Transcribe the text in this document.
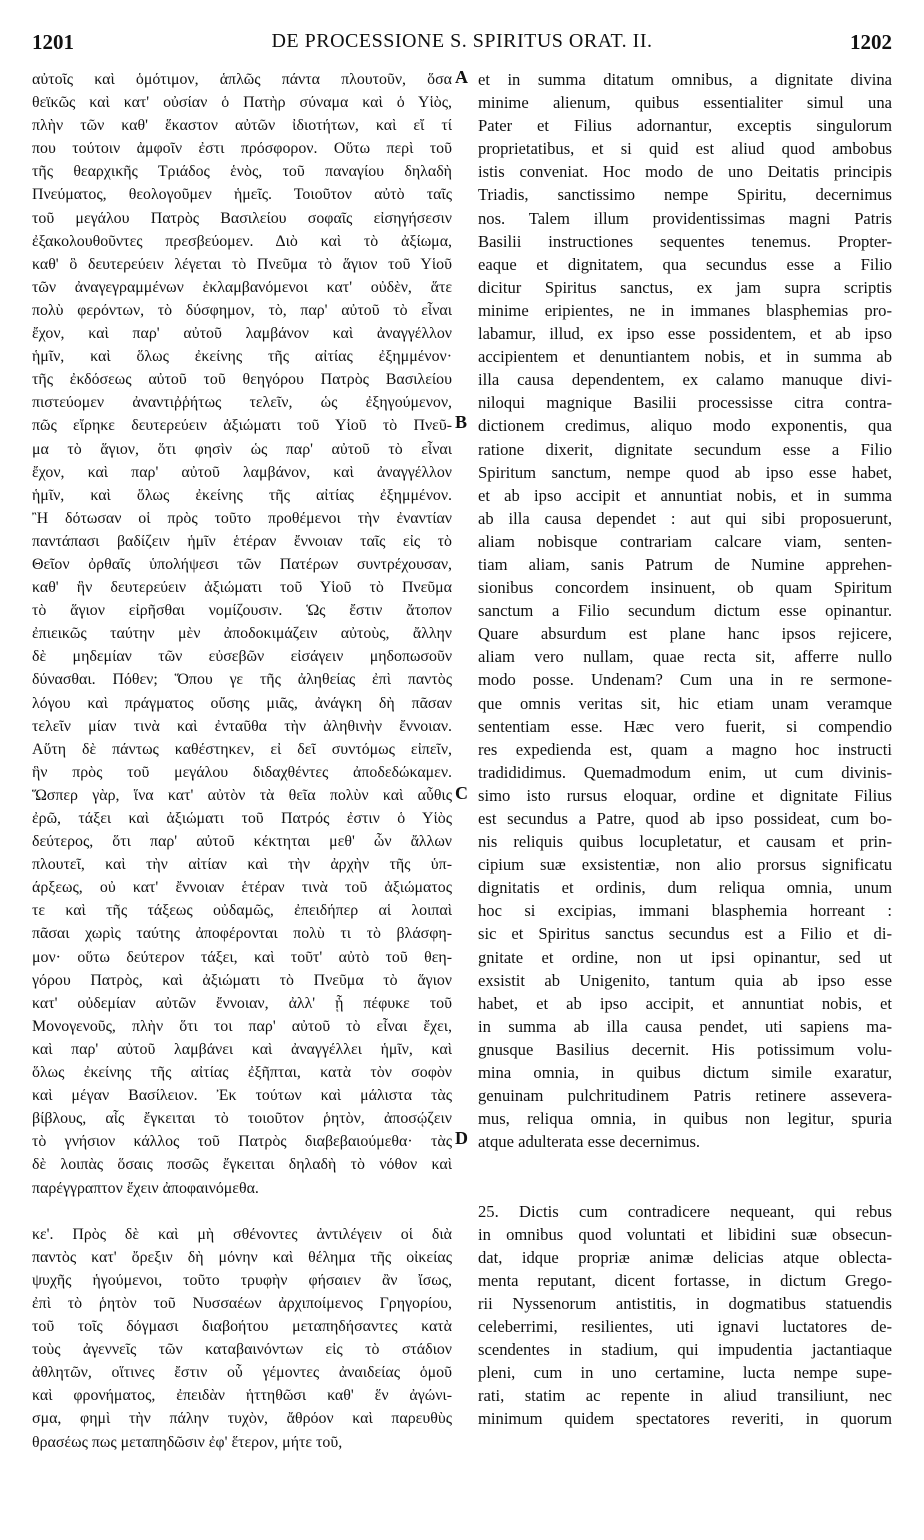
1201	DE PROCESSIONE S. SPIRITUS ORAT. II.	1202
αὐτοῖς καὶ ὁμότιμον, ἁπλῶς πάντα πλουτοῦν, ὅσα
θεϊκῶς καὶ κατ' οὐσίαν ὁ Πατὴρ σύναμα καὶ ὁ Υἱὸς,
πλὴν τῶν καθ' ἕκαστον αὐτῶν ἰδιοτήτων, καὶ εἴ τί
που τούτοιν ἀμφοῖν ἐστι πρόσφορον. Οὕτω περὶ τοῦ
τῆς θεαρχικῆς Τριάδος ἑνὸς, τοῦ παναγίου δηλαδὴ
Πνεύματος, θεολογοῦμεν ἡμεῖς. Τοιοῦτον αὐτὸ ταῖς
τοῦ μεγάλου Πατρὸς Βασιλείου σοφαῖς εἰσηγήσεσιν
ἐξακολουθοῦντες πρεσβεύομεν. Διὸ καὶ τὸ ἀξίωμα,
καθ' ὃ δευτερεύειν λέγεται τὸ Πνεῦμα τὸ ἅγιον τοῦ Υἱοῦ
τῶν ἀναγεγραμμένων ἐκλαμβανόμενοι κατ' οὐδὲν, ἅτε
πολὺ φερόντων, τὸ δύσφημον, τὸ, παρ' αὐτοῦ τὸ εἶναι
ἔχον, καὶ παρ' αὐτοῦ λαμβάνον καὶ ἀναγγέλλον
ἡμῖν, καὶ ὅλως ἐκείνης τῆς αἰτίας ἐξημμένον·
τῆς ἐκδόσεως αὐτοῦ τοῦ θεηγόρου Πατρὸς Βασιλείου
πιστεύομεν ἀναντιῤῥήτως τελεῖν, ὡς ἐξηγούμενον,
πῶς εἴρηκε δευτερεύειν ἀξιώματι τοῦ Υἱοῦ τὸ Πνεῦ-
μα τὸ ἅγιον, ὅτι φησὶν ὡς παρ' αὐτοῦ τὸ εἶναι
ἔχον, καὶ παρ' αὐτοῦ λαμβάνον, καὶ ἀναγγέλλον
ἡμῖν, καὶ ὅλως ἐκείνης τῆς αἰτίας ἐξημμένον.
Ἢ δότωσαν οἱ πρὸς τοῦτο προθέμενοι τὴν ἐναντίαν
παντάπασι βαδίζειν ἡμῖν ἑτέραν ἔννοιαν ταῖς εἰς τὸ
Θεῖον ὀρθαῖς ὑπολήψεσι τῶν Πατέρων συντρέχουσαν,
καθ' ἣν δευτερεύειν ἀξιώματι τοῦ Υἱοῦ τὸ Πνεῦμα
τὸ ἅγιον εἰρῆσθαι νομίζουσιν. Ὡς ἔστιν ἄτοπον
ἐπιεικῶς ταύτην μὲν ἀποδοκιμάζειν αὐτοὺς, ἄλλην
δὲ μηδεμίαν τῶν εὐσεβῶν εἰσάγειν μηδοπωσοῦν
δύνασθαι. Πόθεν; Ὅπου γε τῆς ἀληθείας ἐπὶ παντὸς
λόγου καὶ πράγματος οὔσης μιᾶς, ἀνάγκη δὴ πᾶσαν
τελεῖν μίαν τινὰ καὶ ἐνταῦθα τὴν ἀληθινὴν ἔννοιαν.
Αὕτη δὲ πάντως καθέστηκεν, εἰ δεῖ συντόμως εἰπεῖν,
ἣν πρὸς τοῦ μεγάλου διδαχθέντες ἀποδεδώκαμεν.
Ὥσπερ γὰρ, ἵνα κατ' αὐτὸν τὰ θεῖα πολὺν καὶ αὖθις
ἐρῶ, τάξει καὶ ἀξιώματι τοῦ Πατρός ἐστιν ὁ Υἱὸς
δεύτερος, ὅτι παρ' αὐτοῦ κέκτηται μεθ' ὧν ἄλλων
πλουτεῖ, καὶ τὴν αἰτίαν καὶ τὴν ἀρχὴν τῆς ὑπ-
άρξεως, οὐ κατ' ἔννοιαν ἑτέραν τινὰ τοῦ ἀξιώματος
τε καὶ τῆς τάξεως οὐδαμῶς, ἐπειδήπερ αἱ λοιπαὶ
πᾶσαι χωρὶς ταύτης ἀποφέρονται πολὺ τι τὸ βλάσφη-
μον· οὕτω δεύτερον τάξει, καὶ τοῦτ' αὐτὸ τοῦ θεη-
γόρου Πατρὸς, καὶ ἀξιώματι τὸ Πνεῦμα τὸ ἅγιον
κατ' οὐδεμίαν αὐτῶν ἔννοιαν, ἀλλ' ᾗ πέφυκε τοῦ
Μονογενοῦς, πλὴν ὅτι τοι παρ' αὐτοῦ τὸ εἶναι ἔχει,
καὶ παρ' αὐτοῦ λαμβάνει καὶ ἀναγγέλλει ἡμῖν, καὶ
ὅλως ἐκείνης τῆς αἰτίας ἐξῆπται, κατὰ τὸν σοφὸν
καὶ μέγαν Βασίλειον. Ἐκ τούτων καὶ μάλιστα τὰς
βίβλους, αἷς ἔγκειται τὸ τοιοῦτον ῥητὸν, ἀποσῴζειν
τὸ γνήσιον κάλλος τοῦ Πατρὸς διαβεβαιούμεθα· τὰς
δὲ λοιπὰς ὅσαις ποσῶς ἔγκειται δηλαδὴ τὸ νόθον καὶ
παρέγγραπτον ἔχειν ἀποφαινόμεθα.
κε'. Πρὸς δὲ καὶ μὴ σθένοντες ἀντιλέγειν οἱ διὰ
παντὸς κατ' ὄρεξιν δὴ μόνην καὶ θέλημα τῆς οἰκείας
ψυχῆς ἡγούμενοι, τοῦτο τρυφὴν φήσαιεν ἂν ἴσως,
ἐπὶ τὸ ῥητὸν τοῦ Νυσσαέων ἀρχιποίμενος Γρηγορίου,
τοῦ τοῖς δόγμασι διαβοήτου μεταπηδήσαντες κατὰ
τοὺς ἀγεννεῖς τῶν καταβαινόντων εἰς τὸ στάδιον
ἀθλητῶν, οἵτινες ἔστιν οὗ γέμοντες ἀναιδείας ὁμοῦ
καὶ φρονήματος, ἐπειδὰν ἡττηθῶσι καθ' ἕν ἀγώνι-
σμα, φημὶ τὴν πάλην τυχὸν, ἄθρόον καὶ παρευθὺς
θρασέως πως μεταπηδῶσιν ἐφ' ἕτερον, μήτε τοῦ,
et in summa ditatum omnibus, a dignitate divina
minime alienum, quibus essentialiter simul una
Pater et Filius adornantur, exceptis singulorum
proprietatibus, et si quid est aliud quod ambobus
istis conveniat. Hoc modo de uno Deitatis principis
Triadis, sanctissimo nempe Spiritu, decernimus
nos. Talem illum providentissimas magni Patris
Basilii instructiones sequentes tenemus. Propter-
eaque et dignitatem, qua secundus esse a Filio
dicitur Spiritus sanctus, ex jam supra scriptis
minime eripientes, ne in immanes blasphemias pro-
labamur, illud, ex ipso esse possidentem, et ab ipso
accipientem et denuntiantem nobis, et in summa ab
illa causa dependentem, ex calamo manuque divi-
niloqui magnique Basilii processisse citra contra-
dictionem credimus, aliquo modo exponentis, qua
ratione dixerit, dignitate secundum esse a Filio
Spiritum sanctum, nempe quod ab ipso esse habet,
et ab ipso accipit et annuntiat nobis, et in summa
ab illa causa dependet : aut qui sibi proposuerunt,
aliam nobisque contrariam calcare viam, senten-
tiam aliam, sanis Patrum de Numine apprehen-
sionibus concordem insinuent, ob quam Spiritum
sanctum a Filio secundum dictum esse opinantur.
Quare absurdum est plane hanc ipsos rejicere,
aliam vero nullam, quae recta sit, afferre nullo
modo posse. Undenam? Cum una in re sermone-
que omnis veritas sit, hic etiam unam veramque
sententiam esse. Hæc vero fuerit, si compendio
res expedienda est, quam a magno hoc instructi
tradididimus. Quemadmodum enim, ut cum divinis-
simo isto rursus eloquar, ordine et dignitate Filius
est secundus a Patre, quod ab ipso possideat, cum bo-
nis reliquis quibus locupletatur, et causam et prin-
cipium suæ exsistentiæ, non alio prorsus significatu
dignitatis et ordinis, dum reliqua omnia, unum
hoc si excipias, immani blasphemia horreant :
sic et Spiritus sanctus secundus est a Filio et di-
gnitate et ordine, non ut ipsi opinantur, sed ut
exsistit ab Unigenito, tantum quia ab ipso esse
habet, et ab ipso accipit, et annuntiat nobis, et
in summa ab illa causa pendet, uti sapiens ma-
gnusque Basilius decernit. His potissimum volu-
mina omnia, in quibus dictum simile exaratur,
genuinam pulchritudinem Patris retinere assevera-
mus, reliqua omnia, in quibus non legitur, spuria
atque adulterata esse decernimus.
25. Dictis cum contradicere nequeant, qui rebus
in omnibus quod voluntati et libidini suæ obsecun-
dat, idque propriæ animæ delicias atque oblecta-
menta reputant, dicent fortasse, in dictum Grego-
rii Nyssenorum antistitis, in dogmatibus statuendis
celeberrimi, resilientes, uti ignavi luctatores de-
scendentes in stadium, qui impudentia jactantiaque
pleni, cum in uno certamine, lucta nempe supe-
rati, statim ac repente in aliud transiliunt, nec
minimum quidem spectatores reveriti, in quorum
A
B
C
D
